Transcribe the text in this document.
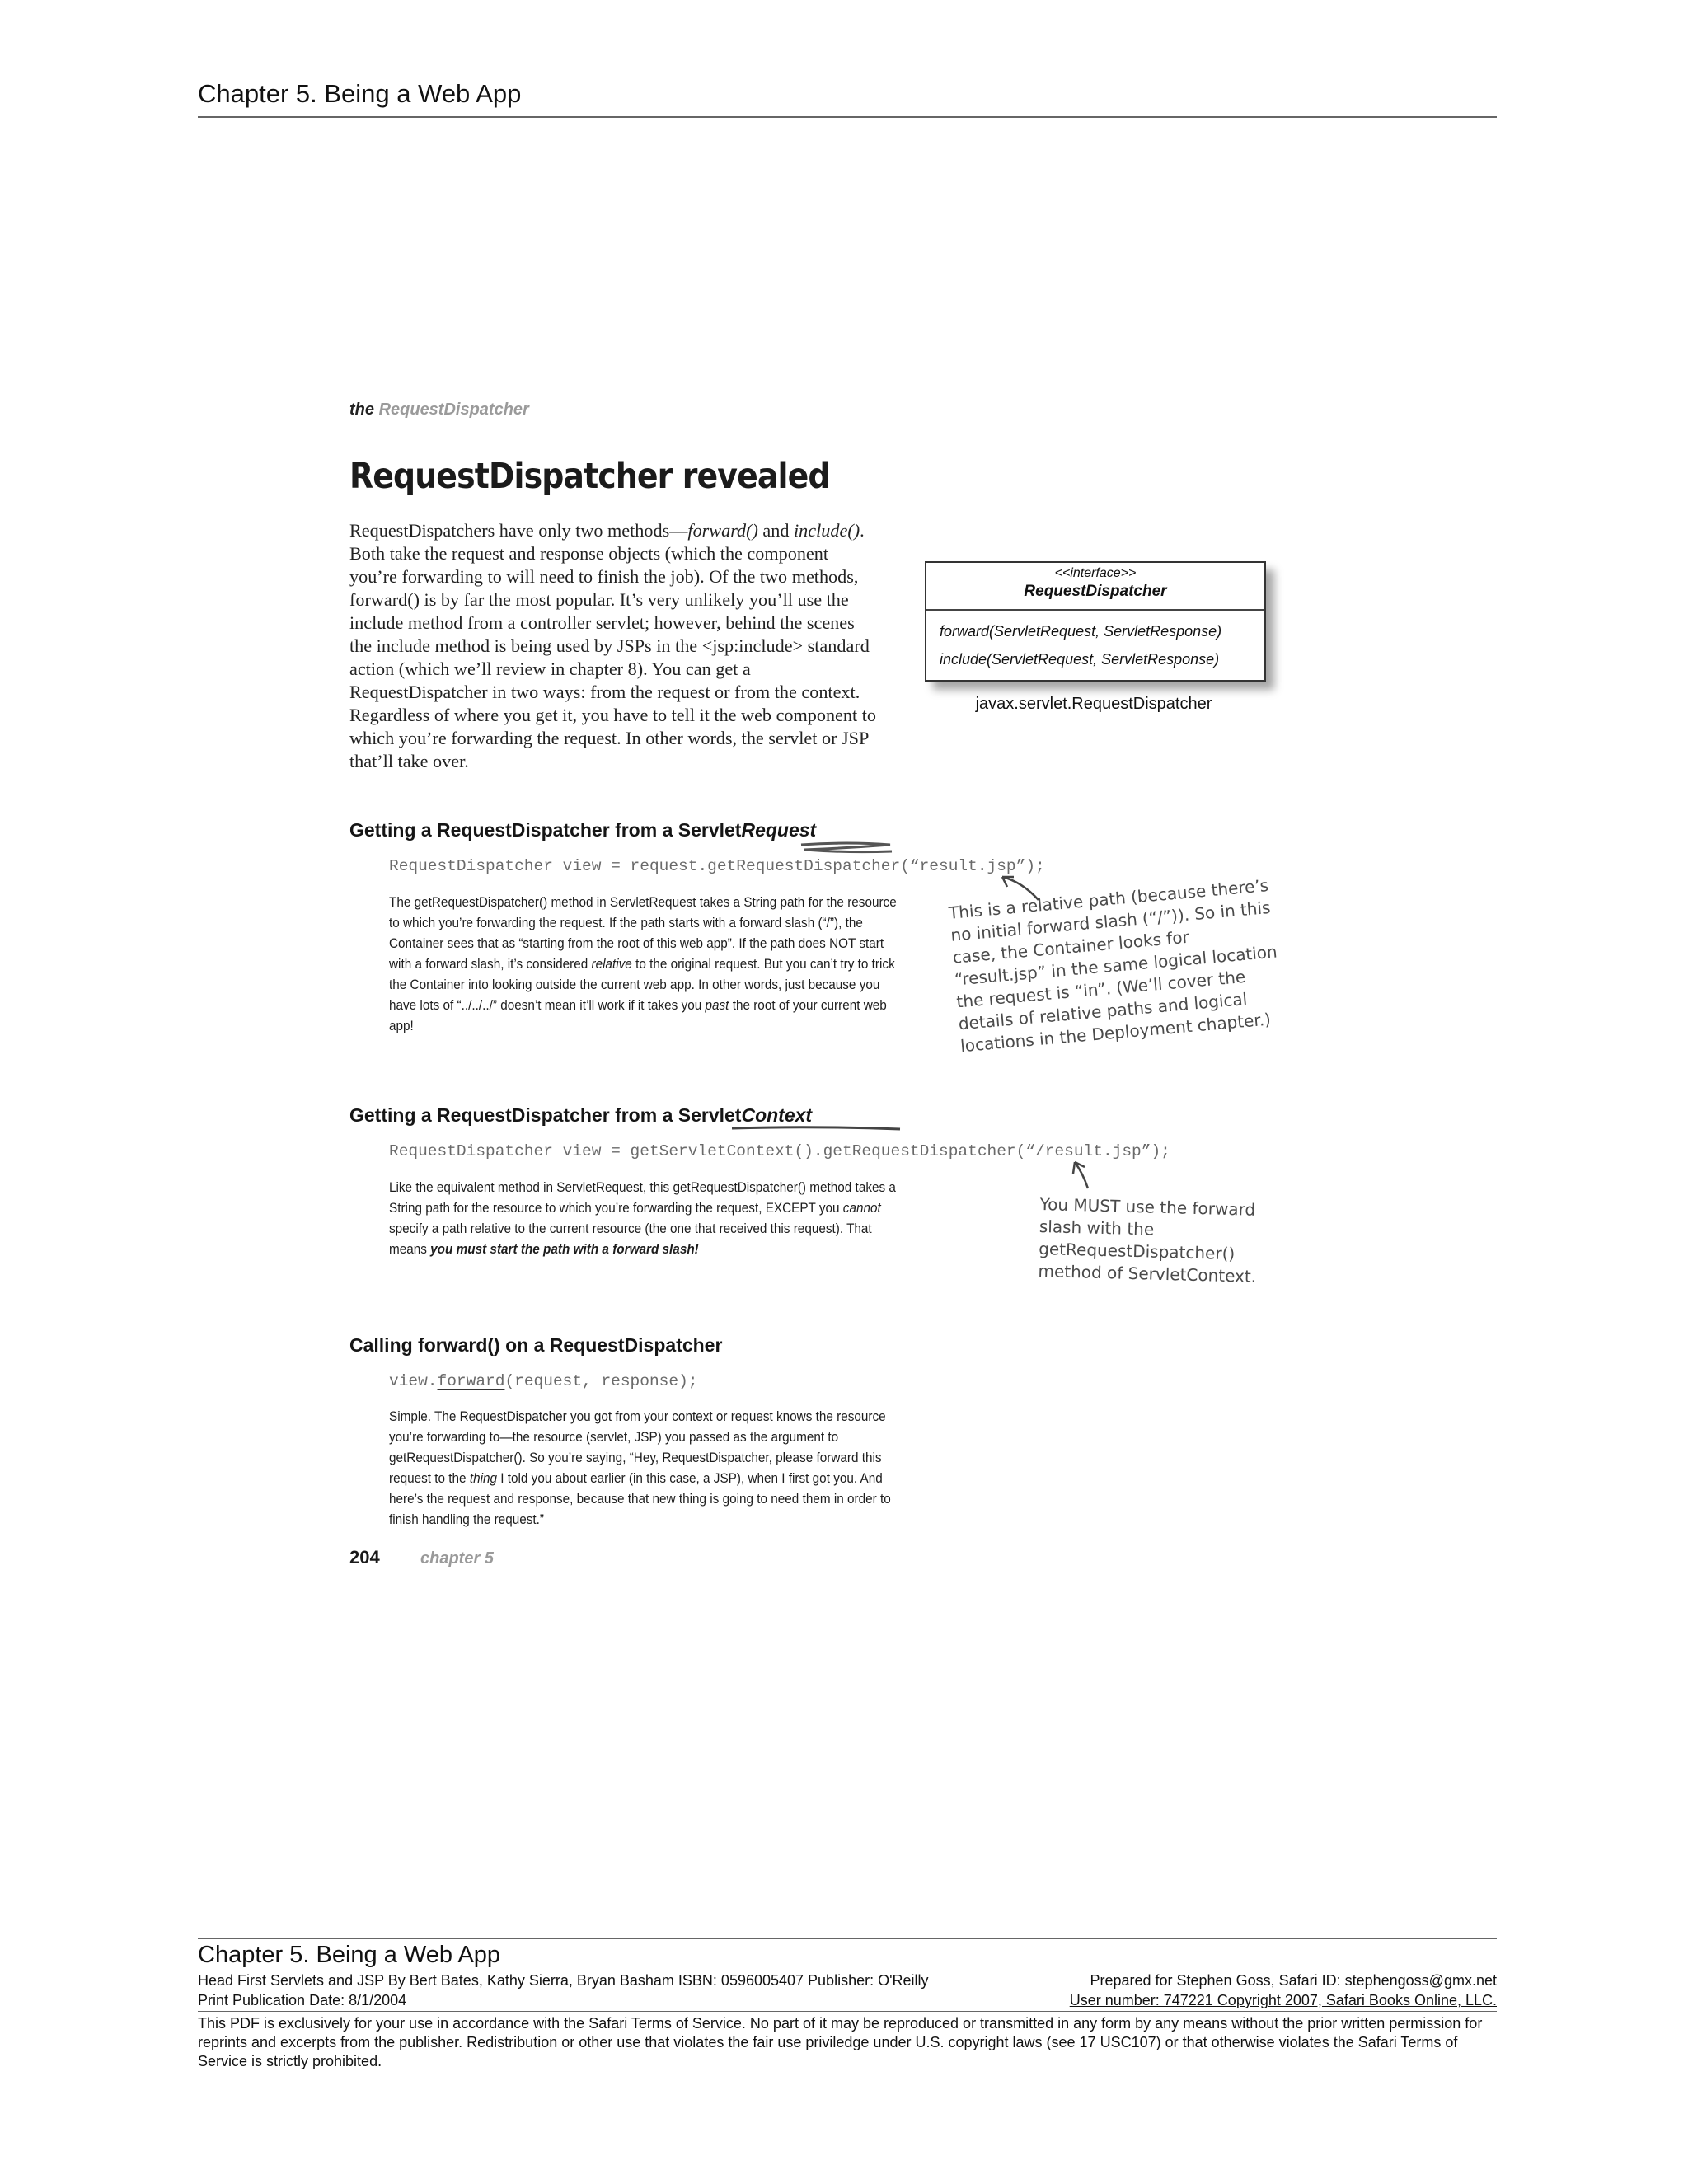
Chapter 5. Being a Web App
the RequestDispatcher
RequestDispatcher revealed
RequestDispatchers have only two methods—forward() and include(). Both take the request and response objects (which the component you’re forwarding to will need to finish the job). Of the two methods, forward() is by far the most popular. It’s very unlikely you’ll use the include method from a controller servlet; however, behind the scenes the include method is being used by JSPs in the <jsp:include> standard action (which we’ll review in chapter 8). You can get a RequestDispatcher in two ways: from the request or from the context. Regardless of where you get it, you have to tell it the web component to which you’re forwarding the request. In other words, the servlet or JSP that’ll take over.
<<interface>>
RequestDispatcher
forward(ServletRequest, ServletResponse)
include(ServletRequest, ServletResponse)
javax.servlet.RequestDispatcher
Getting a RequestDispatcher from a ServletRequest
RequestDispatcher view = request.getRequestDispatcher(“result.jsp”);
The getRequestDispatcher() method in ServletRequest takes a String path for the resource to which you’re forwarding the request. If the path starts with a forward slash (“/”), the Container sees that as “starting from the root of this web app”. If the path does NOT start with a forward slash, it’s considered relative to the original request. But you can’t try to trick the Container into looking outside the current web app. In other words, just because you have lots of “../../../” doesn’t mean it’ll work if it takes you past the root of your current web app!
This is a relative path (because there’s no initial forward slash (“/”)). So in this case, the Container looks for “result.jsp” in the same logical location the request is “in”. (We’ll cover the details of relative paths and logical locations in the Deployment chapter.)
Getting a RequestDispatcher from a ServletContext
RequestDispatcher view = getServletContext().getRequestDispatcher(“/result.jsp”);
Like the equivalent method in ServletRequest, this getRequestDispatcher() method takes a String path for the resource to which you’re forwarding the request, EXCEPT you cannot specify a path relative to the current resource (the one that received this request). That means you must start the path with a forward slash!
You MUST use the forward slash with the getRequestDispatcher() method of ServletContext.
Calling forward() on a RequestDispatcher
view.forward(request, response);
Simple. The RequestDispatcher you got from your context or request knows the resource you’re forwarding to—the resource (servlet, JSP) you passed as the argument to getRequestDispatcher(). So you’re saying, “Hey, RequestDispatcher, please forward this request to the thing I told you about earlier (in this case, a JSP), when I first got you. And here’s the request and response, because that new thing is going to need them in order to finish handling the request.”
204 chapter 5
Chapter 5. Being a Web App
Head First Servlets and JSP By Bert Bates, Kathy Sierra, Bryan Basham ISBN: 0596005407 Publisher: O'Reilly	Prepared for Stephen Goss, Safari ID: stephengoss@gmx.net
Print Publication Date: 8/1/2004	User number: 747221 Copyright 2007, Safari Books Online, LLC.
This PDF is exclusively for your use in accordance with the Safari Terms of Service. No part of it may be reproduced or transmitted in any form by any means without the prior written permission for reprints and excerpts from the publisher. Redistribution or other use that violates the fair use priviledge under U.S. copyright laws (see 17 USC107) or that otherwise violates the Safari Terms of Service is strictly prohibited.
